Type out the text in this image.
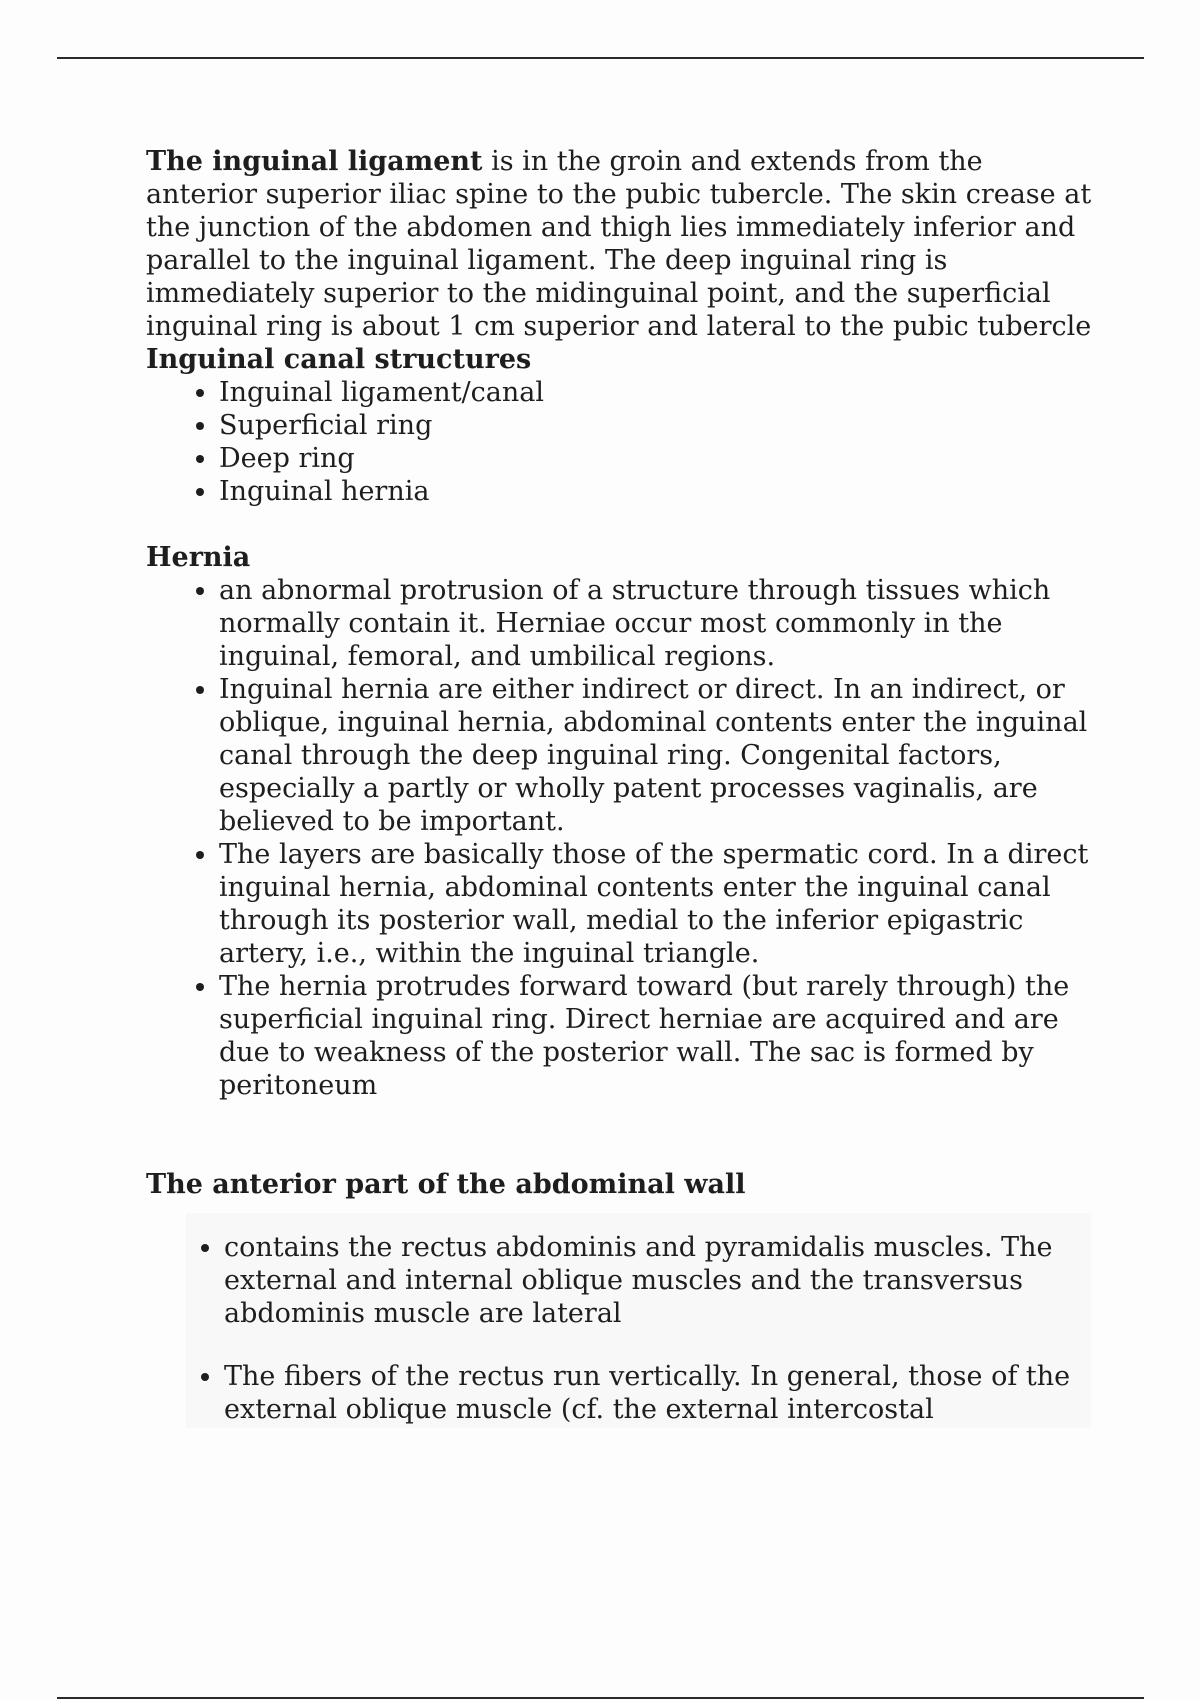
The inguinal ligament is in the groin and extends from the anterior superior iliac spine to the pubic tubercle. The skin crease at the junction of the abdomen and thigh lies immediately inferior and parallel to the inguinal ligament. The deep inguinal ring is immediately superior to the midinguinal point, and the superficial inguinal ring is about 1 cm superior and lateral to the pubic tubercle

Inguinal canal structures
• Inguinal ligament/canal
• Superficial ring
• Deep ring
• Inguinal hernia
Hernia
• an abnormal protrusion of a structure through tissues which normally contain it. Herniae occur most commonly in the inguinal, femoral, and umbilical regions.
• Inguinal hernia are either indirect or direct. In an indirect, or oblique, inguinal hernia, abdominal contents enter the inguinal canal through the deep inguinal ring. Congenital factors, especially a partly or wholly patent processes vaginalis, are believed to be important.
• The layers are basically those of the spermatic cord. In a direct inguinal hernia, abdominal contents enter the inguinal canal through its posterior wall, medial to the inferior epigastric artery, i.e., within the inguinal triangle.
• The hernia protrudes forward toward (but rarely through) the superficial inguinal ring. Direct herniae are acquired and are due to weakness of the posterior wall. The sac is formed by peritoneum
The anterior part of the abdominal wall
• contains the rectus abdominis and pyramidalis muscles. The external and internal oblique muscles and the transversus abdominis muscle are lateral
• The fibers of the rectus run vertically. In general, those of the external oblique muscle (cf. the external intercostal
